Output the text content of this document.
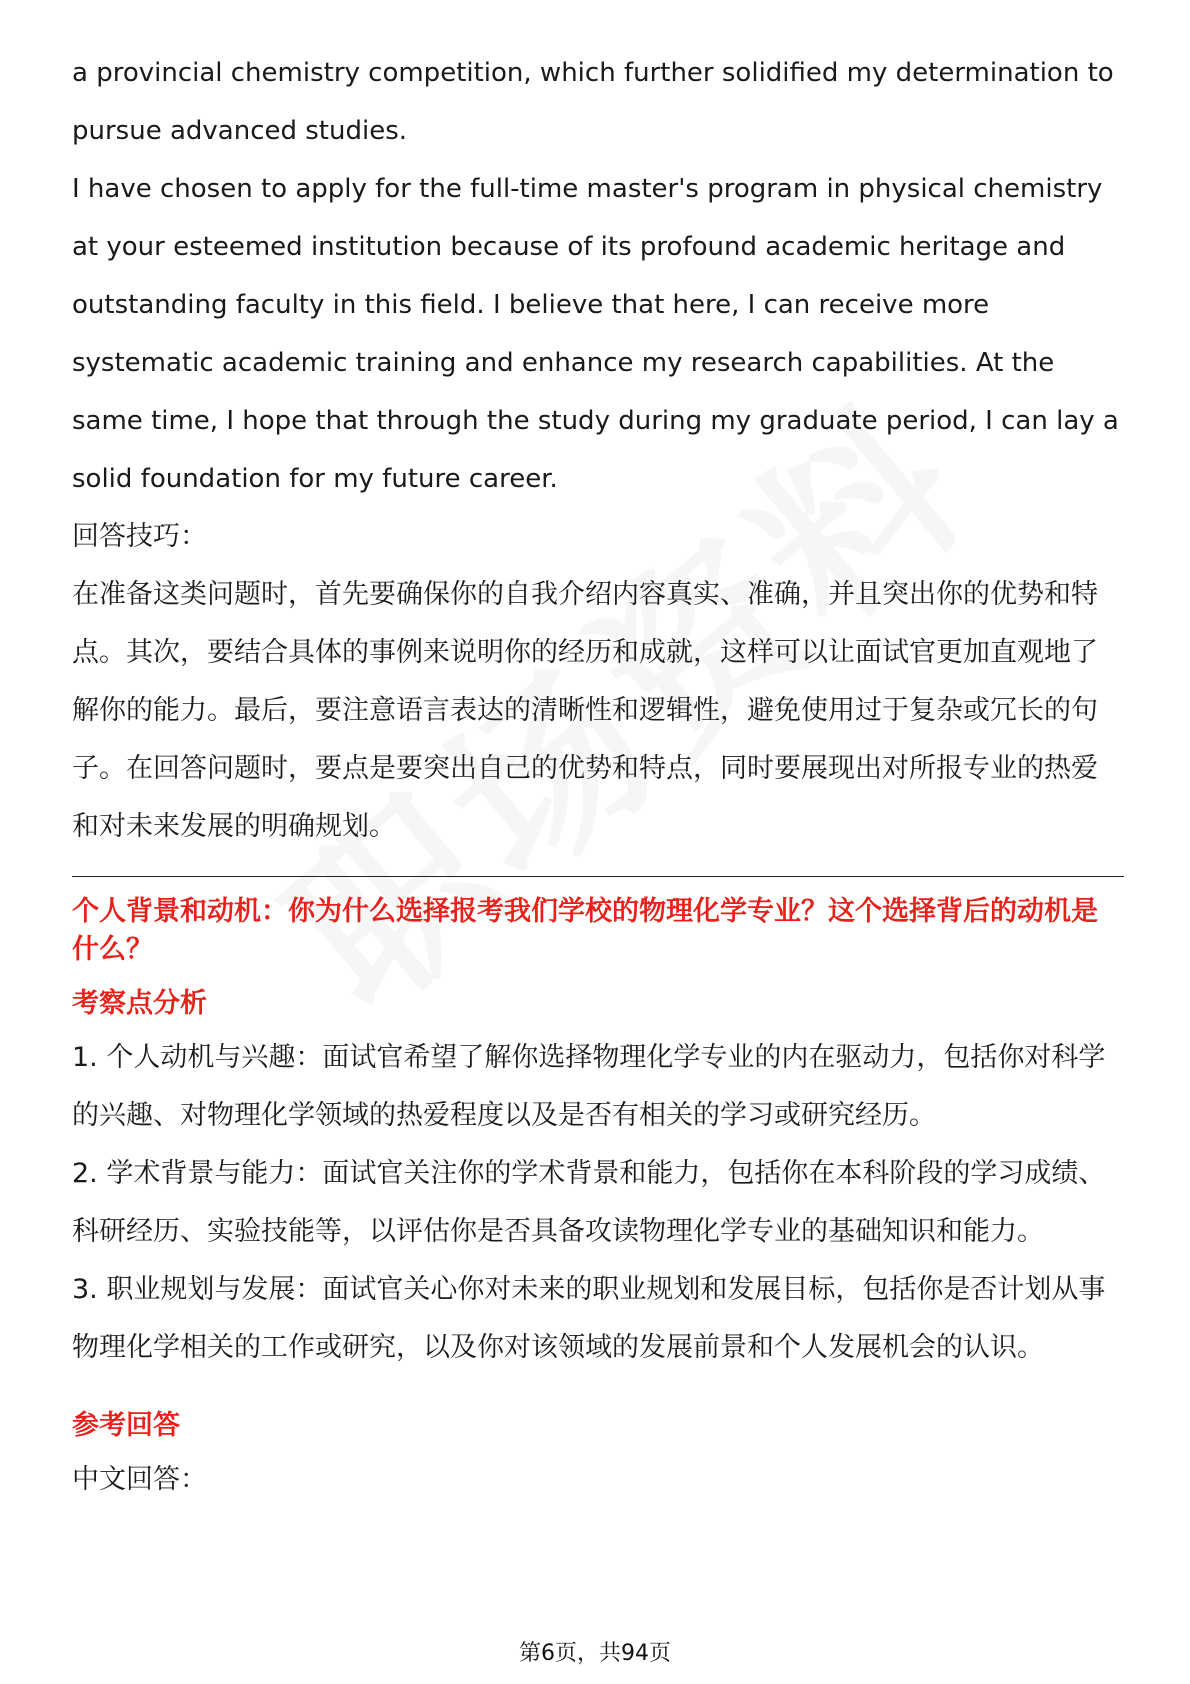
a provincial chemistry competition, which further solidified my determination to pursue advanced studies.

I have chosen to apply for the full-time master's program in physical chemistry at your esteemed institution because of its profound academic heritage and outstanding faculty in this field. I believe that here, I can receive more systematic academic training and enhance my research capabilities. At the same time, I hope that through the study during my graduate period, I can lay a solid foundation for my future career.

回答技巧：

在准备这类问题时，首先要确保你的自我介绍内容真实、准确，并且突出你的优势和特点。其次，要结合具体的事例来说明你的经历和成就，这样可以让面试官更加直观地了解你的能力。最后，要注意语言表达的清晰性和逻辑性，避免使用过于复杂或冗长的句子。在回答问题时，要点是要突出自己的优势和特点，同时要展现出对所报专业的热爱和对未来发展的明确规划。

个人背景和动机：你为什么选择报考我们学校的物理化学专业？这个选择背后的动机是什么？

考察点分析

1. 个人动机与兴趣：面试官希望了解你选择物理化学专业的内在驱动力，包括你对科学的兴趣、对物理化学领域的热爱程度以及是否有相关的学习或研究经历。

2. 学术背景与能力：面试官关注你的学术背景和能力，包括你在本科阶段的学习成绩、科研经历、实验技能等，以评估你是否具备攻读物理化学专业的基础知识和能力。

3. 职业规划与发展：面试官关心你对未来的职业规划和发展目标，包括你是否计划从事物理化学相关的工作或研究，以及你对该领域的发展前景和个人发展机会的认识。

参考回答

中文回答：

第6页，共94页
